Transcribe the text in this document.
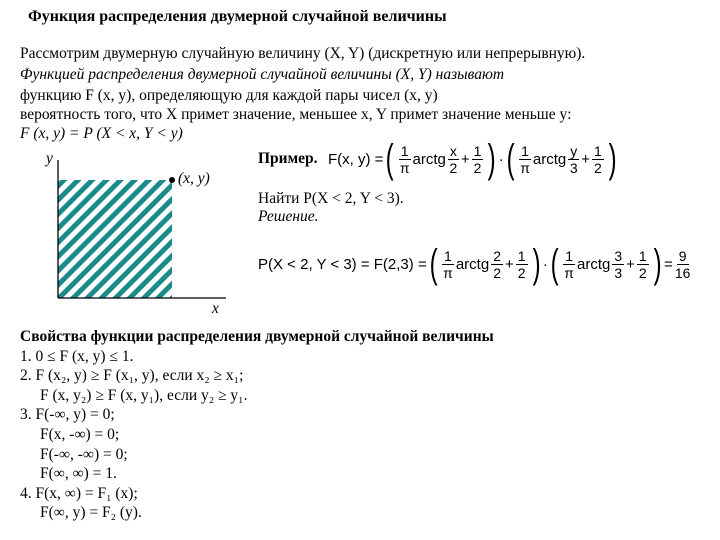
Функция распределения двумерной случайной величины
Рассмотрим двумерную случайную величину (X, Y) (дискретную или непрерывную).
Функцией распределения двумерной случайной величины (X, Y) называют
функцию F (x, y), определяющую для каждой пары чисел (x, y)
вероятность того, что X примет значение, меньшее x, Y примет значение меньше y:
F (x, y) = P (X < x, Y < y)
y
x
(x, y)
Пример. F(x, y) = ( $\frac{1}{\pi}$ arctg $\frac{x}{2} + \frac{1}{2}$ ) · ( $\frac{1}{\pi}$ arctg $\frac{y}{3} + \frac{1}{2}$ )
Найти P(X < 2, Y < 3).
Решение.
P(X < 2, Y < 3) = F(2,3) = ( $\frac{1}{\pi}$ arctg $\frac{2}{2} + \frac{1}{2}$ ) · ( $\frac{1}{\pi}$ arctg $\frac{3}{3} + \frac{1}{2}$ ) = $\frac{9}{16}$
Свойства функции распределения двумерной случайной величины
1. 0 ≤ F (x, y) ≤ 1.
2. F (x₂, y) ≥ F (x₁, y), если x₂ ≥ x₁;
F (x, y₂) ≥ F (x, y₁), если y₂ ≥ y₁.
3. F(-∞, y) = 0;
F(x, -∞) = 0;
F(-∞, -∞) = 0;
F(∞, ∞) = 1.
4. F(x, ∞) = F₁ (x);
F(∞, y) = F₂ (y).
